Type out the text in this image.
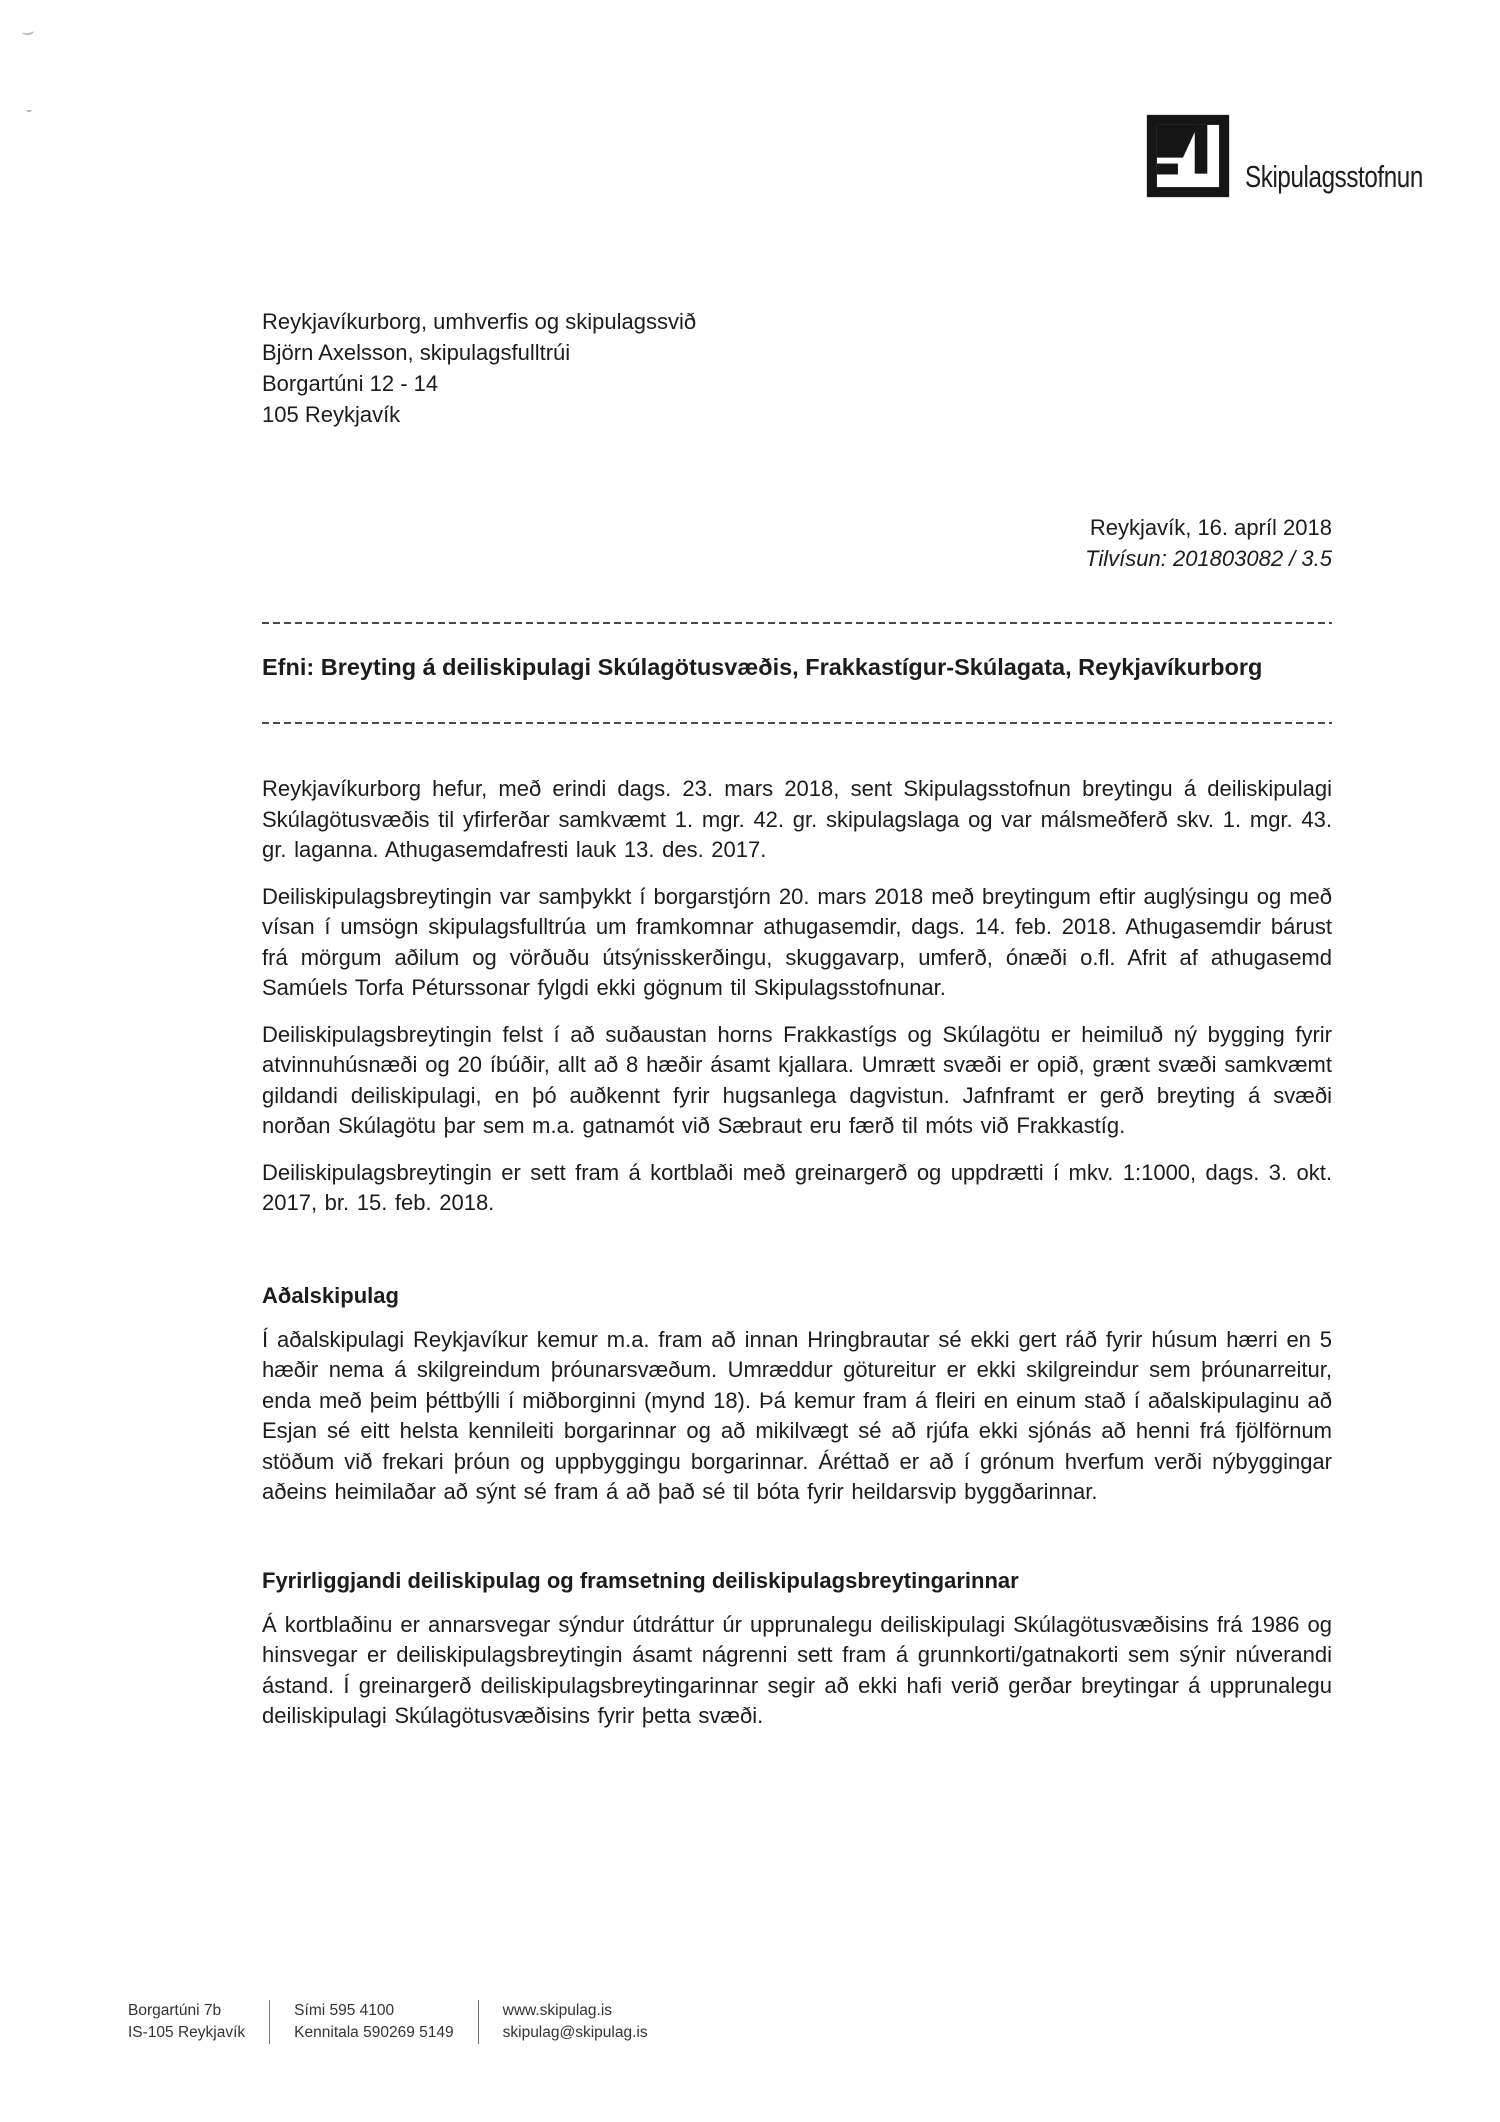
Skipulagsstofnun
Reykjavíkurborg, umhverfis og skipulagssvið
Björn Axelsson, skipulagsfulltrúi
Borgartúni 12 - 14
105 Reykjavík
Reykjavík, 16. apríl 2018
Tilvísun: 201803082 / 3.5
Efni: Breyting á deiliskipulagi Skúlagötusvæðis, Frakkastígur-Skúlagata, Reykjavíkurborg

Reykjavíkurborg hefur, með erindi dags. 23. mars 2018, sent Skipulagsstofnun breytingu á deiliskipulagi Skúlagötusvæðis til yfirferðar samkvæmt 1. mgr. 42. gr. skipulagslaga og var málsmeðferð skv. 1. mgr. 43. gr. laganna. Athugasemdafresti lauk 13. des. 2017.

Deiliskipulagsbreytingin var samþykkt í borgarstjórn 20. mars 2018 með breytingum eftir auglýsingu og með vísan í umsögn skipulagsfulltrúa um framkomnar athugasemdir, dags. 14. feb. 2018. Athugasemdir bárust frá mörgum aðilum og vörðuðu útsýnisskerðingu, skuggavarp, umferð, ónæði o.fl. Afrit af athugasemd Samúels Torfa Péturssonar fylgdi ekki gögnum til Skipulagsstofnunar.

Deiliskipulagsbreytingin felst í að suðaustan horns Frakkastígs og Skúlagötu er heimiluð ný bygging fyrir atvinnuhúsnæði og 20 íbúðir, allt að 8 hæðir ásamt kjallara. Umrætt svæði er opið, grænt svæði samkvæmt gildandi deiliskipulagi, en þó auðkennt fyrir hugsanlega dagvistun. Jafnframt er gerð breyting á svæði norðan Skúlagötu þar sem m.a. gatnamót við Sæbraut eru færð til móts við Frakkastíg.

Deiliskipulagsbreytingin er sett fram á kortblaði með greinargerð og uppdrætti í mkv. 1:1000, dags. 3. okt. 2017, br. 15. feb. 2018.

Aðalskipulag

Í aðalskipulagi Reykjavíkur kemur m.a. fram að innan Hringbrautar sé ekki gert ráð fyrir húsum hærri en 5 hæðir nema á skilgreindum þróunarsvæðum. Umræddur götureitur er ekki skilgreindur sem þróunarreitur, enda með þeim þéttbýlli í miðborginni (mynd 18). Þá kemur fram á fleiri en einum stað í aðalskipulaginu að Esjan sé eitt helsta kennileiti borgarinnar og að mikilvægt sé að rjúfa ekki sjónás að henni frá fjölförnum stöðum við frekari þróun og uppbyggingu borgarinnar. Áréttað er að í grónum hverfum verði nýbyggingar aðeins heimilaðar að sýnt sé fram á að það sé til bóta fyrir heildarsvip byggðarinnar.

Fyrirliggjandi deiliskipulag og framsetning deiliskipulagsbreytingarinnar

Á kortblaðinu er annarsvegar sýndur útdráttur úr upprunalegu deiliskipulagi Skúlagötusvæðisins frá 1986 og hinsvegar er deiliskipulagsbreytingin ásamt nágrenni sett fram á grunnkorti/gatnakorti sem sýnir núverandi ástand. Í greinargerð deiliskipulagsbreytingarinnar segir að ekki hafi verið gerðar breytingar á upprunalegu deiliskipulagi Skúlagötusvæðisins fyrir þetta svæði.

Borgartúni 7b
IS-105 Reykjavík
Sími 595 4100
Kennitala 590269 5149
www.skipulag.is
skipulag@skipulag.is
